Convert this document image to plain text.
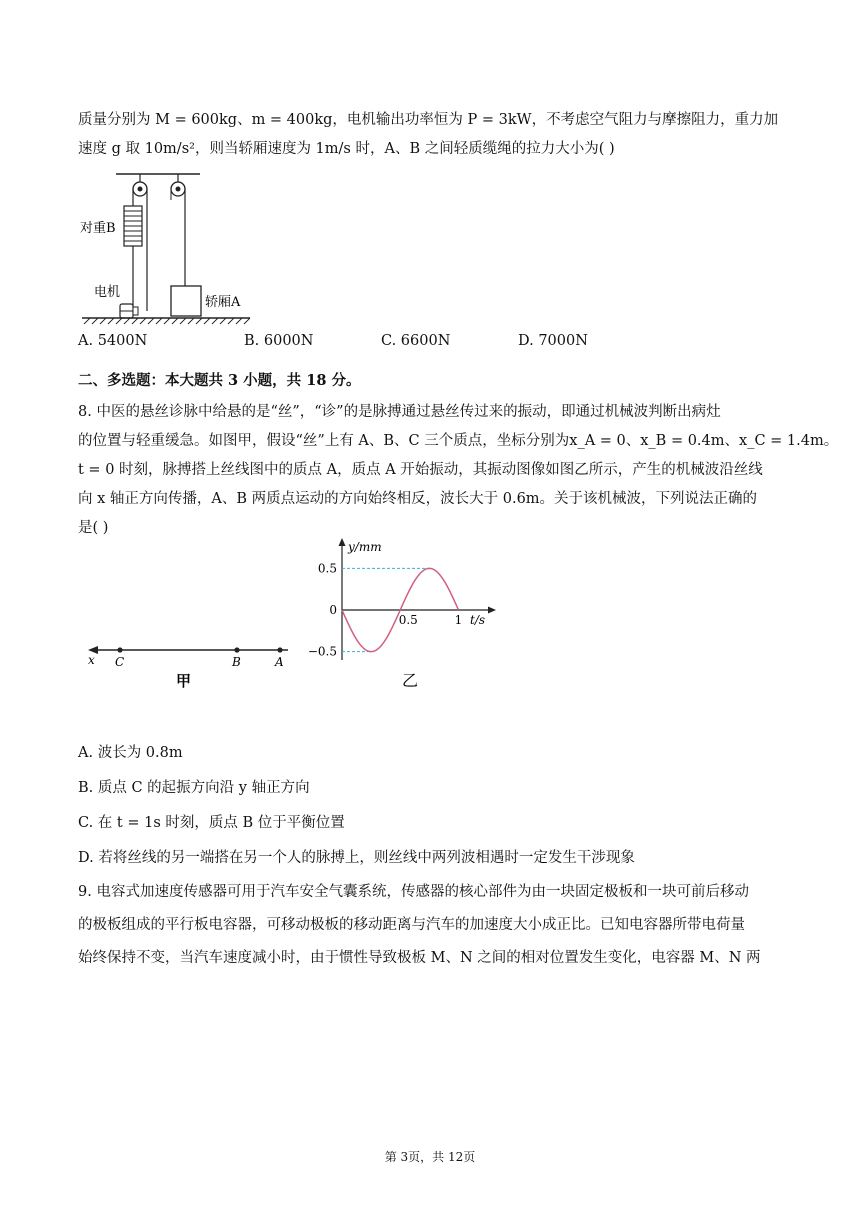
质量分别为 M = 600kg、m = 400kg，电机输出功率恒为 P = 3kW，不考虑空气阻力与摩擦阻力，重力加
速度 g 取 10m/s²，则当轿厢速度为 1m/s 时，A、B 之间轻质缆绳的拉力大小为( )
对重B
电机
轿厢A
A. 5400N	B. 6000N	C. 6600N	D. 7000N
二、多选题：本大题共 3 小题，共 18 分。
8. 中医的悬丝诊脉中给悬的是“丝”，“诊”的是脉搏通过悬丝传过来的振动，即通过机械波判断出病灶
的位置与轻重缓急。如图甲，假设“丝”上有 A、B、C 三个质点，坐标分别为x_A = 0、x_B = 0.4m、x_C = 1.4m。
t = 0 时刻，脉搏搭上丝线图中的质点 A，质点 A 开始振动，其振动图像如图乙所示，产生的机械波沿丝线
向 x 轴正方向传播，A、B 两质点运动的方向始终相反，波长大于 0.6m。关于该机械波，下列说法正确的
是( )
x C	B	A
甲
y/mm
t/s
0.5
0
−0.5
0.5	1
乙
A. 波长为 0.8m
B. 质点 C 的起振方向沿 y 轴正方向
C. 在 t = 1s 时刻，质点 B 位于平衡位置
D. 若将丝线的另一端搭在另一个人的脉搏上，则丝线中两列波相遇时一定发生干涉现象
9. 电容式加速度传感器可用于汽车安全气囊系统，传感器的核心部件为由一块固定极板和一块可前后移动
的极板组成的平行板电容器，可移动极板的移动距离与汽车的加速度大小成正比。已知电容器所带电荷量
始终保持不变，当汽车速度减小时，由于惯性导致极板 M、N 之间的相对位置发生变化，电容器 M、N 两
第 3页，共 12页
